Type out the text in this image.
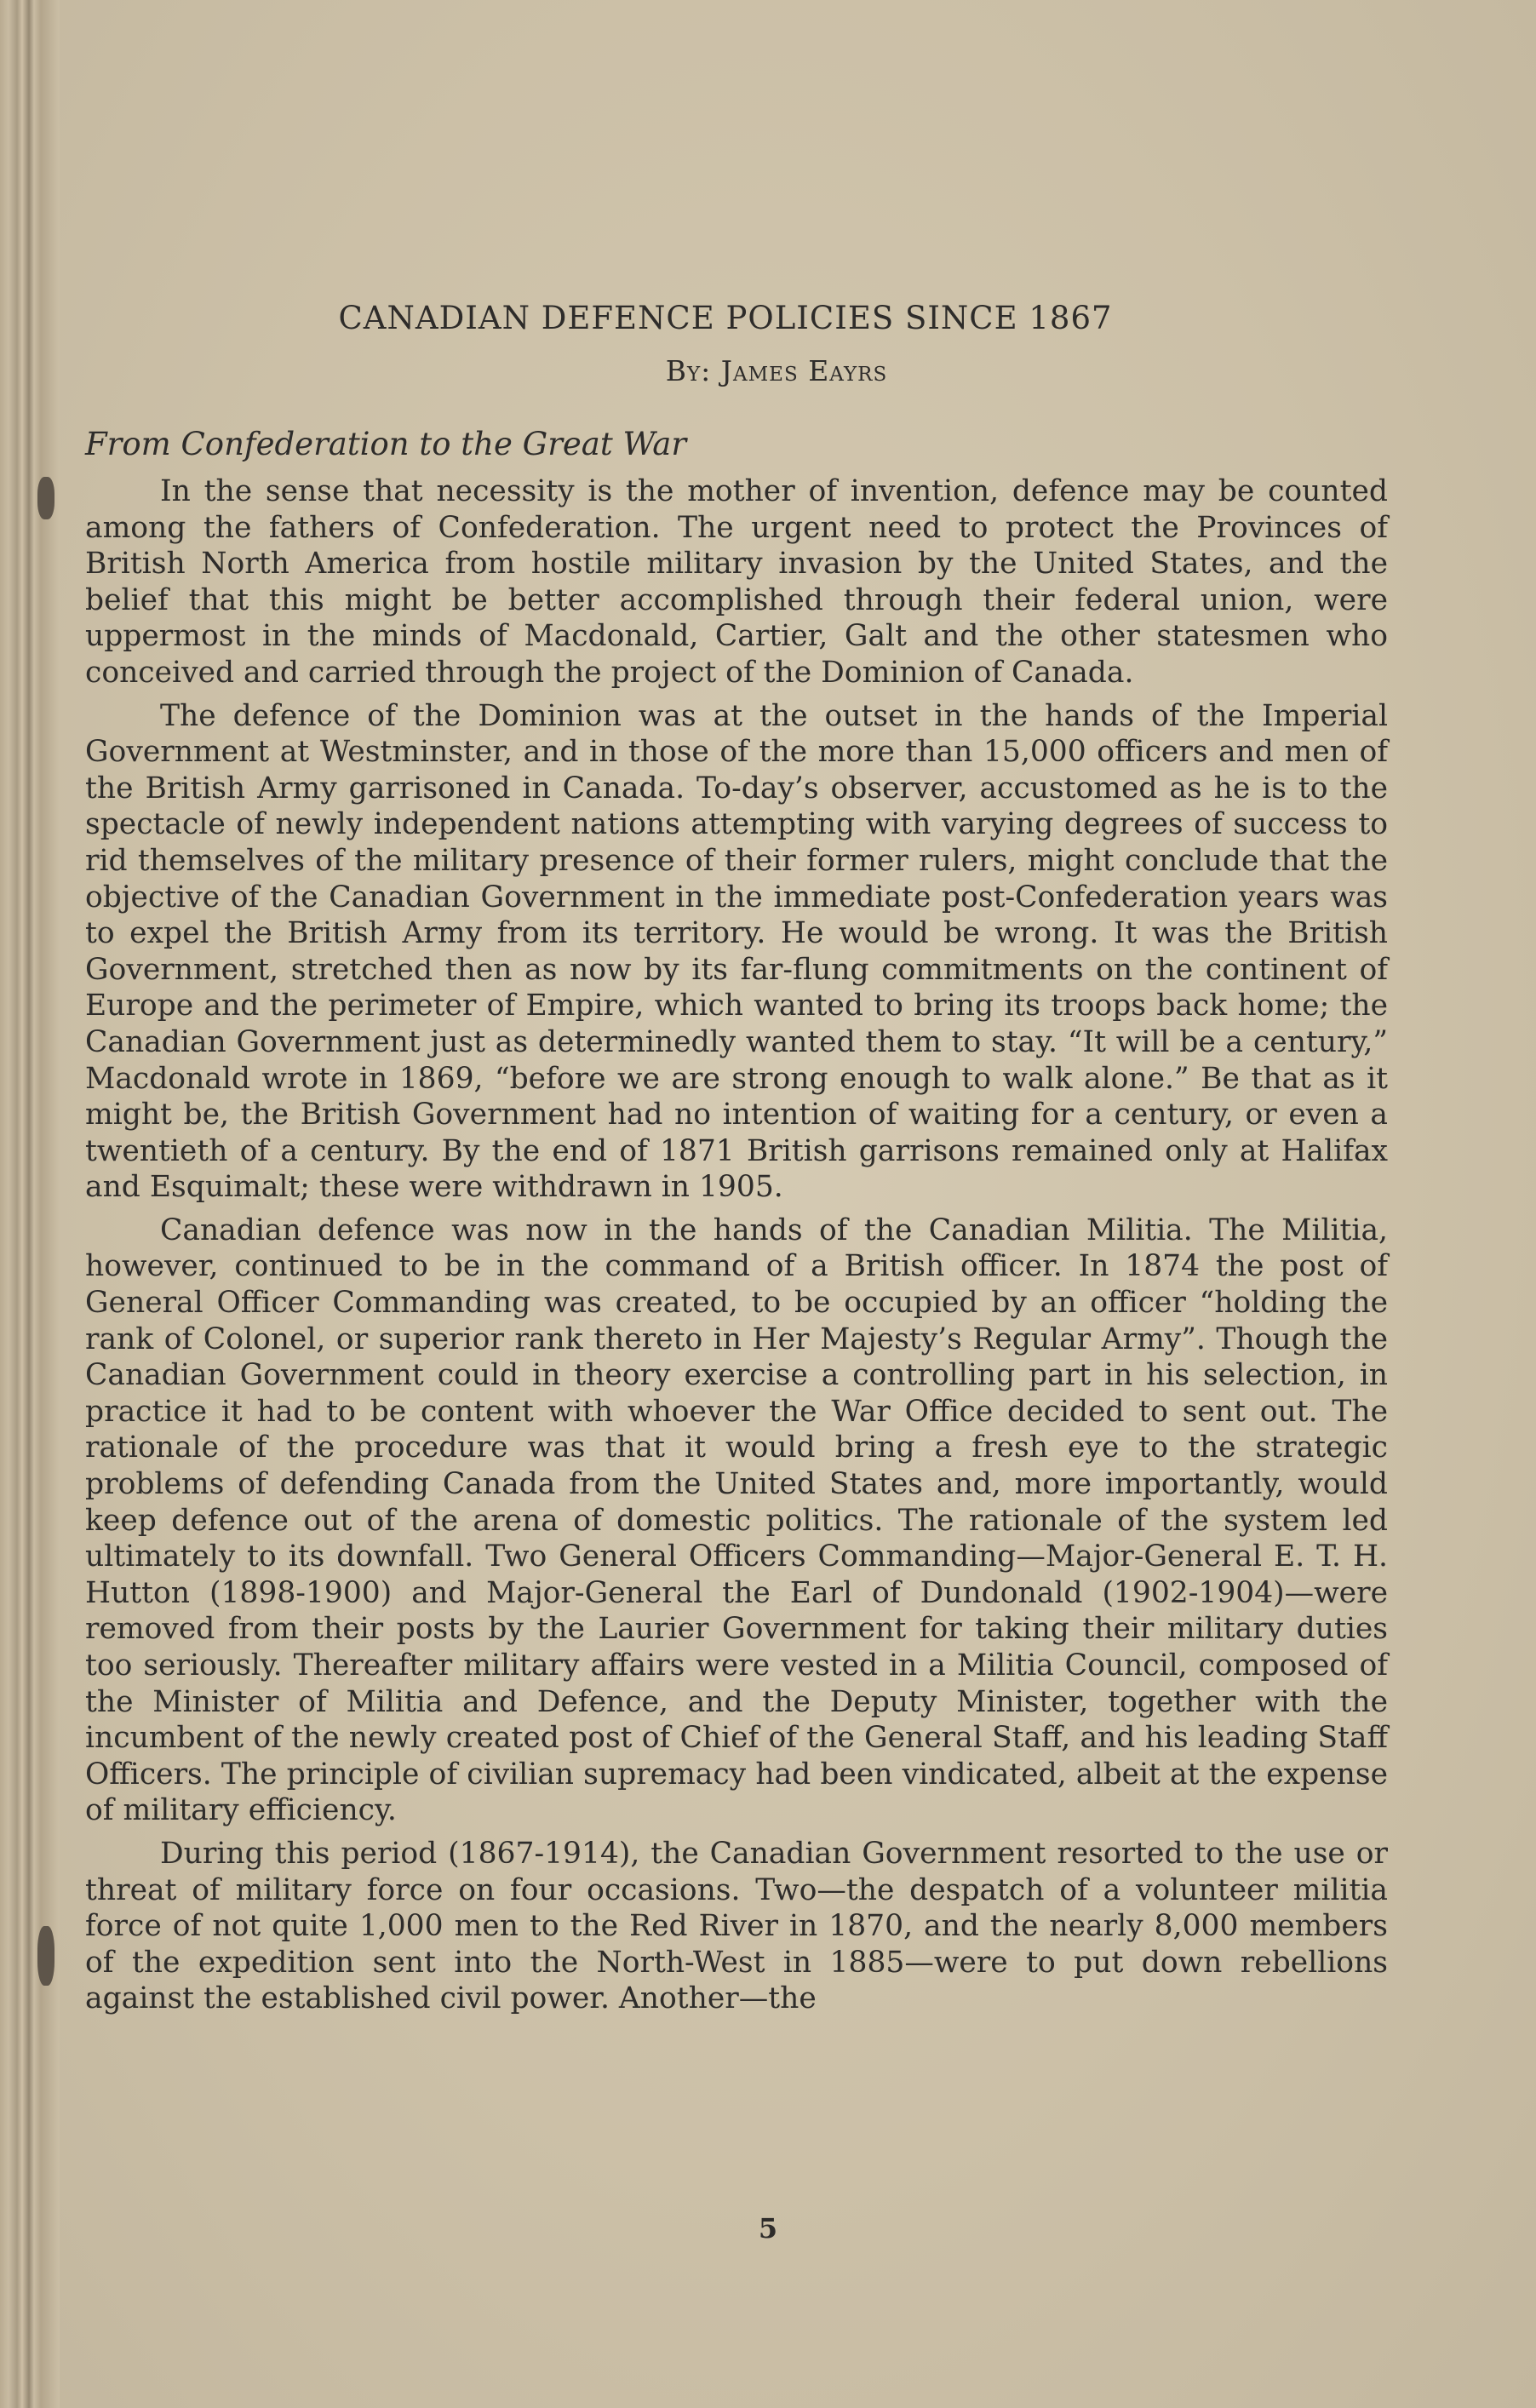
CANADIAN DEFENCE POLICIES SINCE 1867
By: James Eayrs
From Confederation to the Great War

In the sense that necessity is the mother of invention, defence may be counted among the fathers of Confederation. The urgent need to protect the Provinces of British North America from hostile military invasion by the United States, and the belief that this might be better accomplished through their federal union, were uppermost in the minds of Macdonald, Cartier, Galt and the other statesmen who conceived and carried through the project of the Dominion of Canada.

The defence of the Dominion was at the outset in the hands of the Imperial Government at Westminster, and in those of the more than 15,000 officers and men of the British Army garrisoned in Canada. To-day’s observer, accustomed as he is to the spectacle of newly independent nations attempting with varying degrees of success to rid themselves of the military presence of their former rulers, might conclude that the objective of the Canadian Government in the immediate post-Confederation years was to expel the British Army from its territory. He would be wrong. It was the British Government, stretched then as now by its far-flung commitments on the continent of Europe and the perimeter of Empire, which wanted to bring its troops back home; the Canadian Government just as determinedly wanted them to stay. “It will be a century,” Macdonald wrote in 1869, “before we are strong enough to walk alone.” Be that as it might be, the British Government had no intention of waiting for a century, or even a twentieth of a century. By the end of 1871 British garrisons remained only at Halifax and Esquimalt; these were withdrawn in 1905.

Canadian defence was now in the hands of the Canadian Militia. The Militia, however, continued to be in the command of a British officer. In 1874 the post of General Officer Commanding was created, to be occupied by an officer “holding the rank of Colonel, or superior rank thereto in Her Majesty’s Regular Army”. Though the Canadian Government could in theory exercise a controlling part in his selection, in practice it had to be content with whoever the War Office decided to sent out. The rationale of the procedure was that it would bring a fresh eye to the strategic problems of defending Canada from the United States and, more importantly, would keep defence out of the arena of domestic politics. The rationale of the system led ultimately to its downfall. Two General Officers Commanding—Major-General E. T. H. Hutton (1898-1900) and Major-General the Earl of Dundonald (1902-1904)—were removed from their posts by the Laurier Government for taking their military duties too seriously. Thereafter military affairs were vested in a Militia Council, composed of the Minister of Militia and Defence, and the Deputy Minister, together with the incumbent of the newly created post of Chief of the General Staff, and his leading Staff Officers. The principle of civilian supremacy had been vindicated, albeit at the expense of military efficiency.

During this period (1867-1914), the Canadian Government resorted to the use or threat of military force on four occasions. Two—the despatch of a volunteer militia force of not quite 1,000 men to the Red River in 1870, and the nearly 8,000 members of the expedition sent into the North-West in 1885—were to put down rebellions against the established civil power. Another—the

5
